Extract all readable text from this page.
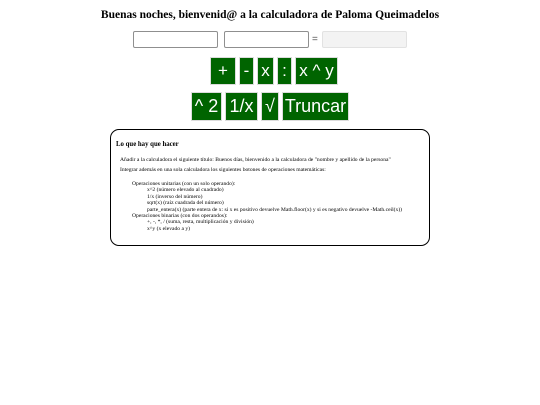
Buenas noches, bienvenid@ a la calculadora de Paloma Queimadelos
=
+ - x : x ^ y
^ 2 1/x √ Truncar
Lo que hay que hacer

Añadir a la calculadora el siguiente título: Buenos días, bienvenido a la calculadora de "nombre y apellido de la persona"

Integrar además en una sola calculadora los siguientes botones de operaciones matemáticas:

Operaciones unitarias (con un solo operando):
x^2 (número elevado al cuadrado)
1/x (inverso del número)
sqrt(x) (raíz cuadrada del número)
parte_entera(x) (parte entera de x: si x es positivo devuelve Math.floor(x) y si es negativo devuelve -Math.ceil(x))
Operaciones binarias (con dos operandos):
+, -, *, / (suma, resta, multiplicación y división)
x^y (x elevado a y)
